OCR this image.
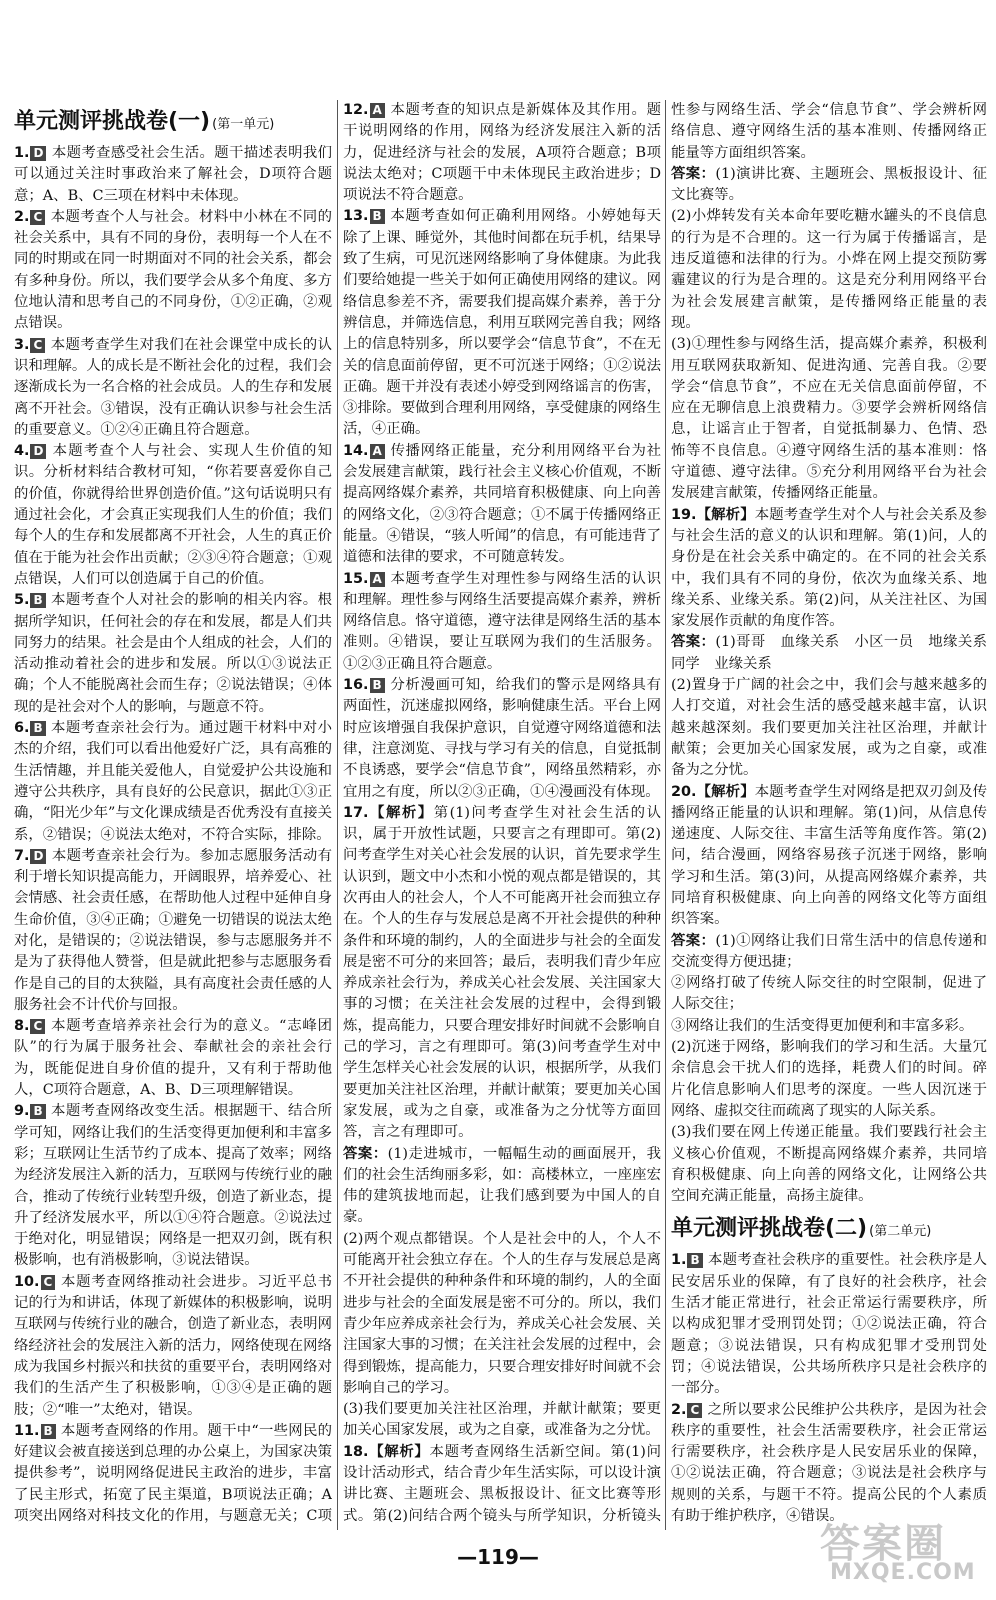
单元测评挑战卷(一) (第一单元)

1. D 本题考查感受社会生活。题干描述表明我们可以通过关注时事政治来了解社会，D项符合题意；A、B、C三项在材料中未体现。

2. C 本题考查个人与社会。材料中小林在不同的社会关系中，具有不同的身份，表明每一个人在不同的时期或在同一时期面对不同的社会关系，都会有多种身份。所以，我们要学会从多个角度、多方位地认清和思考自己的不同身份，①②正确，②观点错误。

3. C 本题考查学生对我们在社会课堂中成长的认识和理解。人的成长是不断社会化的过程，我们会逐渐成长为一名合格的社会成员。人的生存和发展离不开社会。③错误，没有正确认识参与社会生活的重要意义。①②④正确且符合题意。

4. D 本题考查个人与社会、实现人生价值的知识。分析材料结合教材可知，“你若要喜爱你自己的价值，你就得给世界创造价值。”这句话说明只有通过社会化，才会真正实现我们人生的价值；我们每个人的生存和发展都离不开社会，人生的真正价值在于能为社会作出贡献；②③④符合题意；①观点错误，人们可以创造属于自己的价值。

5. B 本题考查个人对社会的影响的相关内容。根据所学知识，任何社会的存在和发展，都是人们共同努力的结果。社会是由个人组成的社会，人们的活动推动着社会的进步和发展。所以①③说法正确；个人不能脱离社会而生存；②说法错误；④体现的是社会对个人的影响，与题意不符。

6. B 本题考查亲社会行为。通过题干材料中对小杰的介绍，我们可以看出他爱好广泛，具有高雅的生活情趣，并且能关爱他人，自觉爱护公共设施和遵守公共秩序，具有良好的公民意识，据此①③正确，“阳光少年”与文化课成绩是否优秀没有直接关系，②错误；④说法太绝对，不符合实际，排除。

7. D 本题考查亲社会行为。参加志愿服务活动有利于增长知识提高能力，开阔眼界，培养爱心、社会情感、社会责任感，在帮助他人过程中延伸自身生命价值，③④正确；①避免一切错误的说法太绝对化，是错误的；②说法错误，参与志愿服务并不是为了获得他人赞誉，但是就此把参与志愿服务看作是自己的目的太狭隘，具有高度社会责任感的人服务社会不计代价与回报。

8. C 本题考查培养亲社会行为的意义。“志峰团队”的行为属于服务社会、奉献社会的亲社会行为，既能促进自身价值的提升，又有利于帮助他人，C项符合题意，A、B、D三项理解错误。

9. B 本题考查网络改变生活。根据题干、结合所学可知，网络让我们的生活变得更加便利和丰富多彩；互联网让生活节约了成本、提高了效率；网络为经济发展注入新的活力，互联网与传统行业的融合，推动了传统行业转型升级，创造了新业态，提升了经济发展水平，所以①④符合题意。②说法过于绝对化，明显错误；网络是一把双刃剑，既有积极影响，也有消极影响，③说法错误。

10. C 本题考查网络推动社会进步。习近平总书记的行为和讲话，体现了新媒体的积极影响，说明互联网与传统行业的融合，创造了新业态，表明网络经济社会的发展注入新的活力，网络使现在网络成为我国乡村振兴和扶贫的重要平台，表明网络对我们的生活产生了积极影响，①③④是正确的题肢；②“唯一”太绝对，错误。

11. B 本题考查网络的作用。题干中“一些网民的好建议会被直接送到总理的办公桌上，为国家决策提供参考”，说明网络促进民主政治的进步，丰富了民主形式，拓宽了民主渠道，B项说法正确；A项突出网络对科技文化的作用，与题意无关；C项

12. A 本题考查的知识点是新媒体及其作用。题干说明网络的作用，网络为经济发展注入新的活力，促进经济与社会的发展，A项符合题意；B项说法太绝对；C项题干中未体现民主政治进步；D项说法不符合题意。

13. B 本题考查如何正确利用网络。小婷她每天除了上课、睡觉外，其他时间都在玩手机，结果导致了生病，可见沉迷网络影响了身体健康。为此我们要给她提一些关于如何正确使用网络的建议。网络信息参差不齐，需要我们提高媒介素养，善于分辨信息，并筛选信息，利用互联网完善自我；网络上的信息特别多，所以要学会“信息节食”，不在无关的信息面前停留，更不可沉迷于网络；①②说法正确。题干并没有表述小婷受到网络谣言的伤害，③排除。要做到合理利用网络，享受健康的网络生活，④正确。

14. A 传播网络正能量，充分利用网络平台为社会发展建言献策，践行社会主义核心价值观，不断提高网络媒介素养，共同培育积极健康、向上向善的网络文化，②③符合题意；①不属于传播网络正能量。④错误，“骇人听闻”的信息，有可能违背了道德和法律的要求，不可随意转发。

15. A 本题考查学生对理性参与网络生活的认识和理解。理性参与网络生活要提高媒介素养，辨析网络信息。恪守道德，遵守法律是网络生活的基本准则。④错误，要让互联网为我们的生活服务。①②③正确且符合题意。

16. B 分析漫画可知，给我们的警示是网络具有两面性，沉迷虚拟网络，影响健康生活。平台上网时应该增强自我保护意识，自觉遵守网络道德和法律，注意浏览、寻找与学习有关的信息，自觉抵制不良诱惑，要学会“信息节食”，网络虽然精彩，亦宜用之有度，所以②③正确，①④漫画没有体现。

17.【解析】第(1)问考查学生对社会生活的认识，属于开放性试题，只要言之有理即可。第(2)问考查学生对关心社会发展的认识，首先要求学生认识到，题文中小杰和小悦的观点都是错误的，其次再由人的社会人，个人不可能离开社会而独立存在。个人的生存与发展总是离不开社会提供的种种条件和环境的制约，人的全面进步与社会的全面发展是密不可分的来回答；最后，表明我们青少年应养成亲社会行为，养成关心社会发展、关注国家大事的习惯；在关注社会发展的过程中，会得到锻炼，提高能力，只要合理安排好时间就不会影响自己的学习，言之有理即可。第(3)问考查学生对中学生怎样关心社会发展的认识，根据所学，从我们要更加关注社区治理，并献计献策；要更加关心国家发展，或为之自豪，或准备为之分忧等方面回答，言之有理即可。

答案：(1)走进城市，一幅幅生动的画面展开，我们的社会生活绚丽多彩，如：高楼林立，一座座宏伟的建筑拔地而起，让我们感到要为中国人的自豪。

(2)两个观点都错误。个人是社会中的人，个人不可能离开社会独立存在。个人的生存与发展总是离不开社会提供的种种条件和环境的制约，人的全面进步与社会的全面发展是密不可分的。所以，我们青少年应养成亲社会行为，养成关心社会发展、关注国家大事的习惯；在关注社会发展的过程中，会得到锻炼，提高能力，只要合理安排好时间就不会影响自己的学习。

(3)我们要更加关注社区治理，并献计献策；要更加关心国家发展，或为之自豪，或准备为之分忧。

18.【解析】本题考查网络生活新空间。第(1)问设计活动形式，结合青少年生活实际，可以设计演讲比赛、主题班会、黑板报设计、征文比赛等形式。第(2)问结合两个镜头与所学知识，分析镜头

性参与网络生活、学会“信息节食”、学会辨析网络信息、遵守网络生活的基本准则、传播网络正能量等方面组织答案。

答案：(1)演讲比赛、主题班会、黑板报设计、征文比赛等。

(2)小烨转发有关本命年要吃糖水罐头的不良信息的行为是不合理的。这一行为属于传播谣言，是违反道德和法律的行为。小烨在网上提交预防雾霾建议的行为是合理的。这是充分利用网络平台为社会发展建言献策，是传播网络正能量的表现。

(3)①理性参与网络生活，提高媒介素养，积极利用互联网获取新知、促进沟通、完善自我。②要学会“信息节食”，不应在无关信息面前停留，不应在无聊信息上浪费精力。③要学会辨析网络信息，让谣言止于智者，自觉抵制暴力、色情、恐怖等不良信息。④遵守网络生活的基本准则：恪守道德、遵守法律。⑤充分利用网络平台为社会发展建言献策，传播网络正能量。

19.【解析】本题考查学生对个人与社会关系及参与社会生活的意义的认识和理解。第(1)问，人的身份是在社会关系中确定的。在不同的社会关系中，我们具有不同的身份，依次为血缘关系、地缘关系、业缘关系。第(2)问，从关注社区、为国家发展作贡献的角度作答。

答案：(1)哥哥　血缘关系　小区一员　地缘关系　同学　业缘关系

(2)置身于广阔的社会之中，我们会与越来越多的人打交道，对社会生活的感受越来越丰富，认识越来越深刻。我们要更加关注社区治理，并献计献策；会更加关心国家发展，或为之自豪，或准备为之分忧。

20.【解析】本题考查学生对网络是把双刃剑及传播网络正能量的认识和理解。第(1)问，从信息传递速度、人际交往、丰富生活等角度作答。第(2)问，结合漫画，网络容易孩子沉迷于网络，影响学习和生活。第(3)问，从提高网络媒介素养，共同培育积极健康、向上向善的网络文化等方面组织答案。

答案：(1)①网络让我们日常生活中的信息传递和交流变得方便迅捷；

②网络打破了传统人际交往的时空限制，促进了人际交往；

③网络让我们的生活变得更加便利和丰富多彩。

(2)沉迷于网络，影响我们的学习和生活。大量冗余信息会干扰人们的选择，耗费人们的时间。碎片化信息影响人们思考的深度。一些人因沉迷于网络、虚拟交往而疏离了现实的人际关系。

(3)我们要在网上传递正能量。我们要践行社会主义核心价值观，不断提高网络媒介素养，共同培育积极健康、向上向善的网络文化，让网络公共空间充满正能量，高扬主旋律。

单元测评挑战卷(二) (第二单元)

1. B 本题考查社会秩序的重要性。社会秩序是人民安居乐业的保障，有了良好的社会秩序，社会生活才能正常进行，社会正常运行需要秩序，所以构成犯罪才受刑罚处罚；①②说法正确，符合题意；③说法错误，只有构成犯罪才受刑罚处罚；④说法错误，公共场所秩序只是社会秩序的一部分。

2. C 之所以要求公民维护公共秩序，是因为社会秩序的重要性，社会生活需要秩序，社会正常运行需要秩序，社会秩序是人民安居乐业的保障，①②说法正确，符合题意；③说法是社会秩序与规则的关系，与题干不符。提高公民的个人素质有助于维护秩序，④错误。

—119—	答案圈
MXQE.COM
